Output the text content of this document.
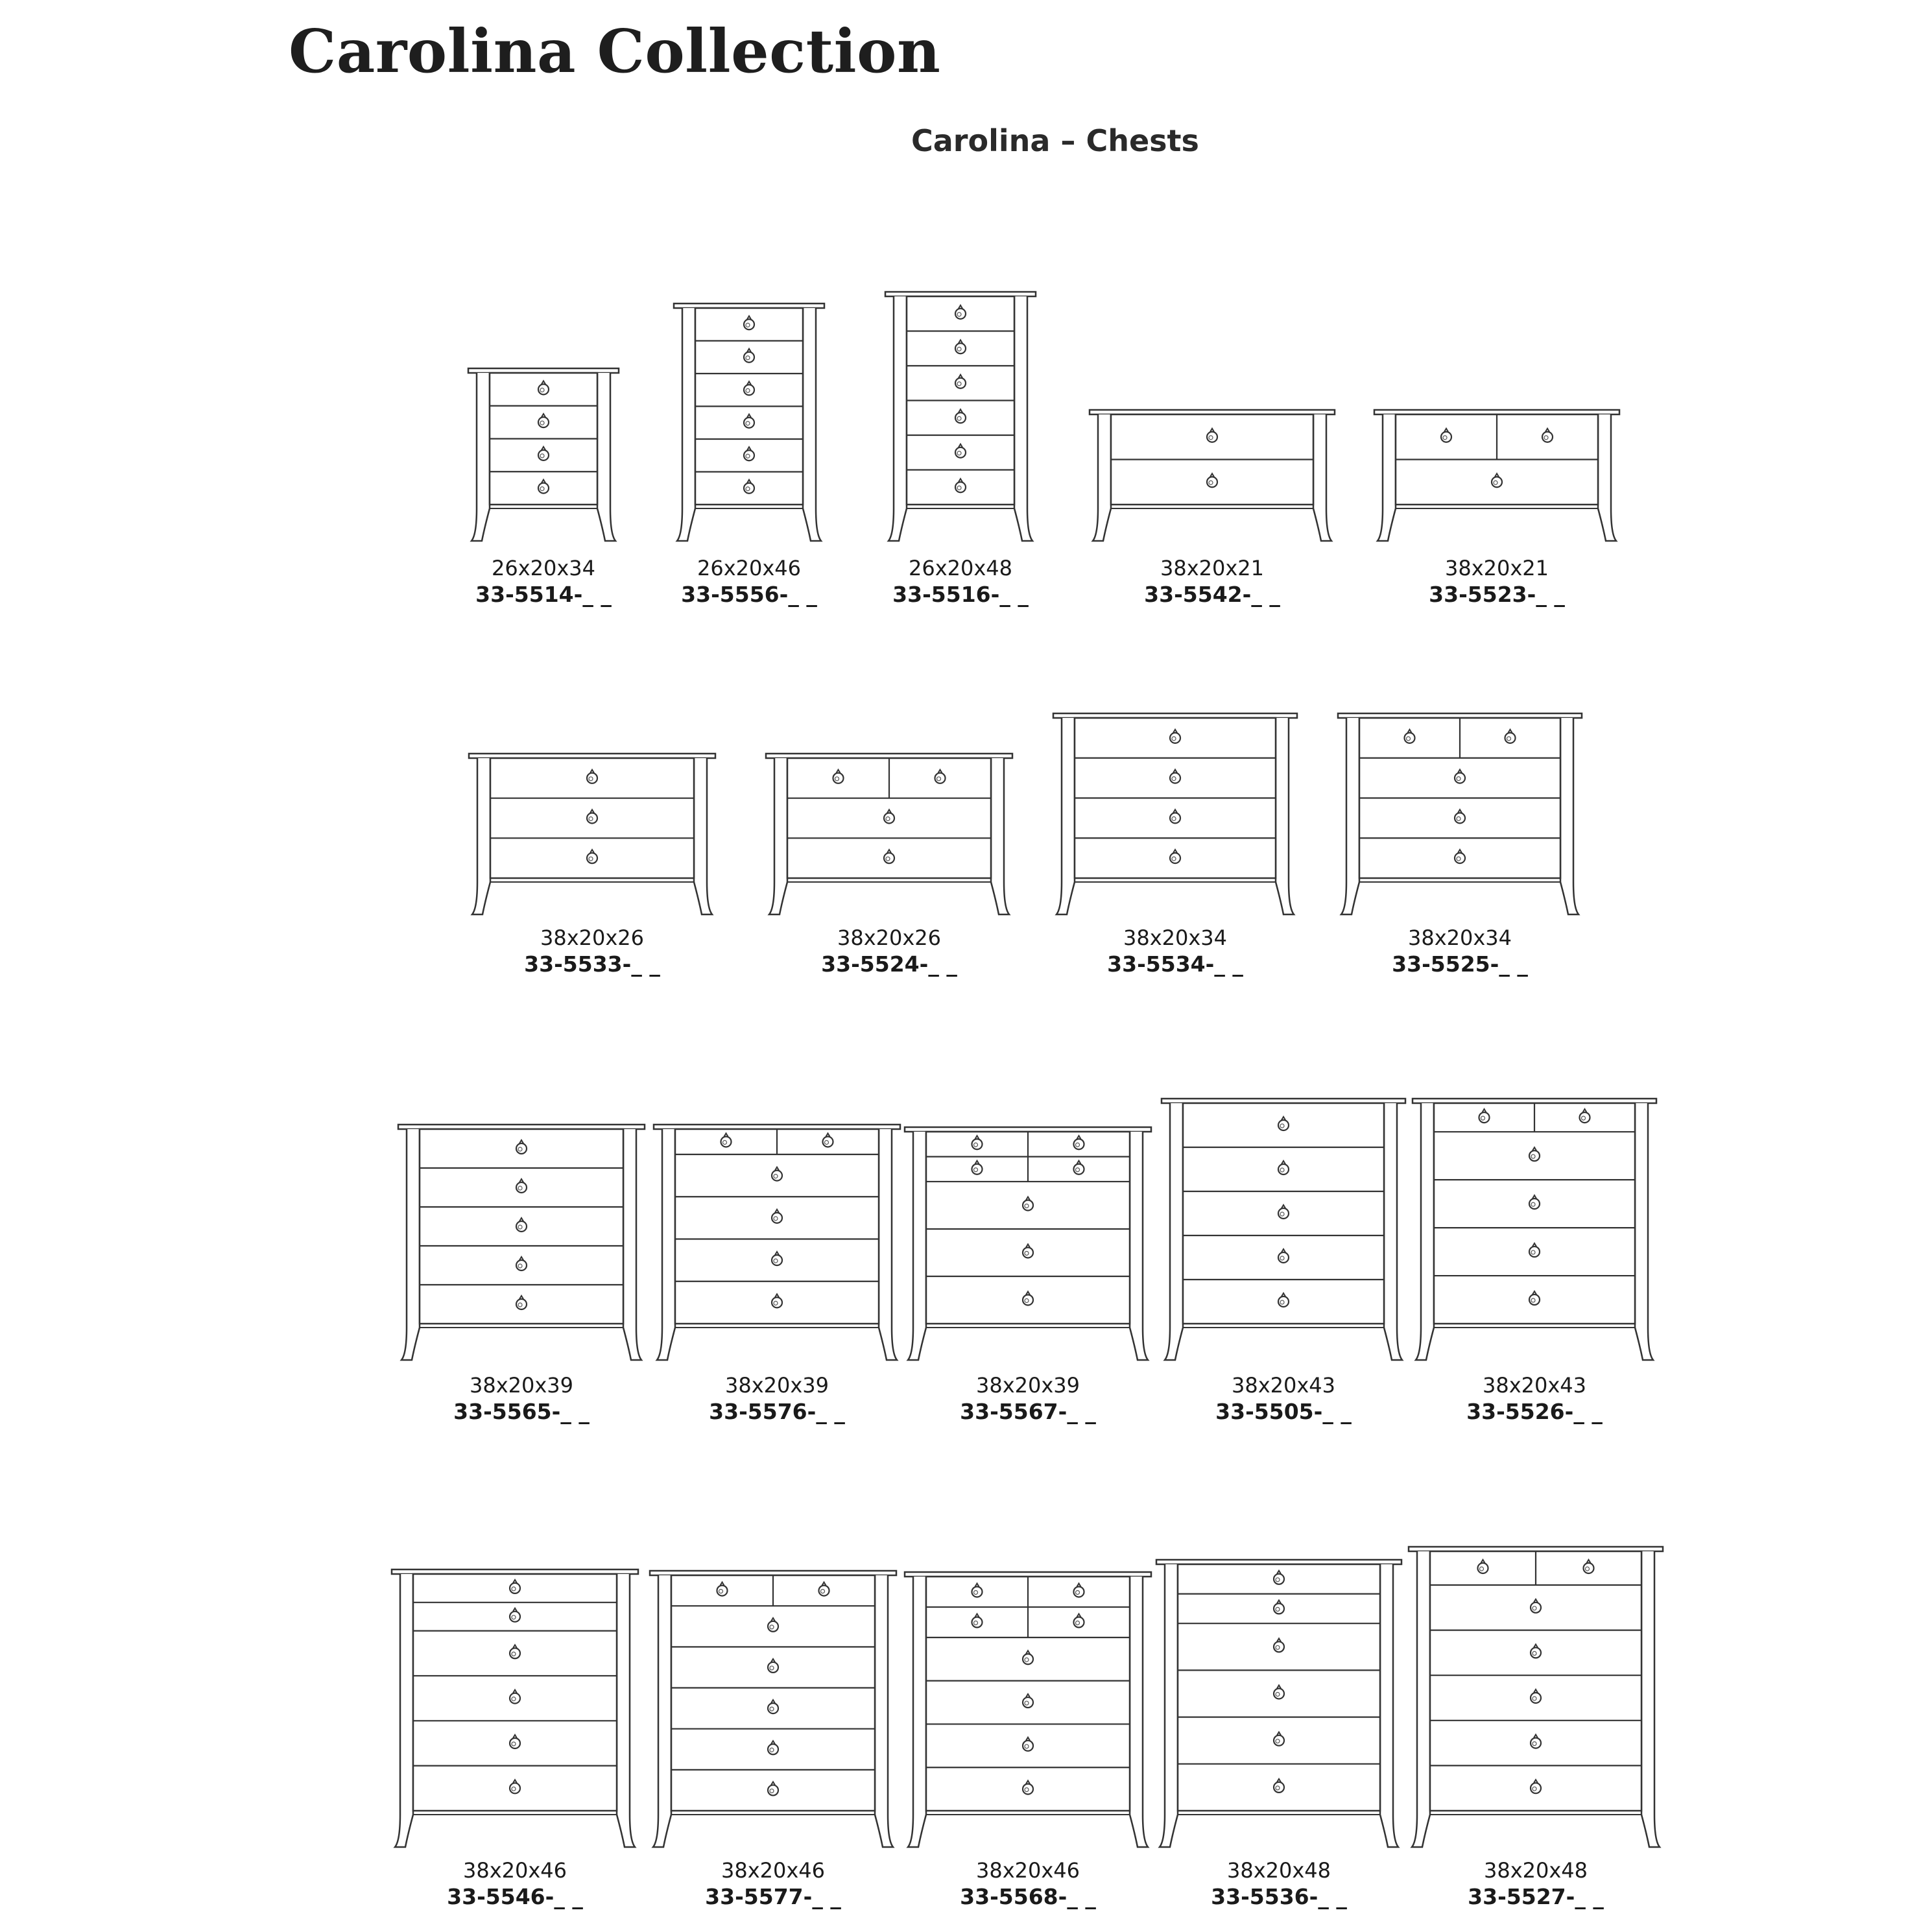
Carolina Collection
Carolina – Chests
26x20x34
33-5514-_ _
26x20x46
33-5556-_ _
26x20x48
33-5516-_ _
38x20x21
33-5542-_ _
38x20x21
33-5523-_ _
38x20x26
33-5533-_ _
38x20x26
33-5524-_ _
38x20x34
33-5534-_ _
38x20x34
33-5525-_ _
38x20x39
33-5565-_ _
38x20x39
33-5576-_ _
38x20x39
33-5567-_ _
38x20x43
33-5505-_ _
38x20x43
33-5526-_ _
38x20x46
33-5546-_ _
38x20x46
33-5577-_ _
38x20x46
33-5568-_ _
38x20x48
33-5536-_ _
38x20x48
33-5527-_ _
